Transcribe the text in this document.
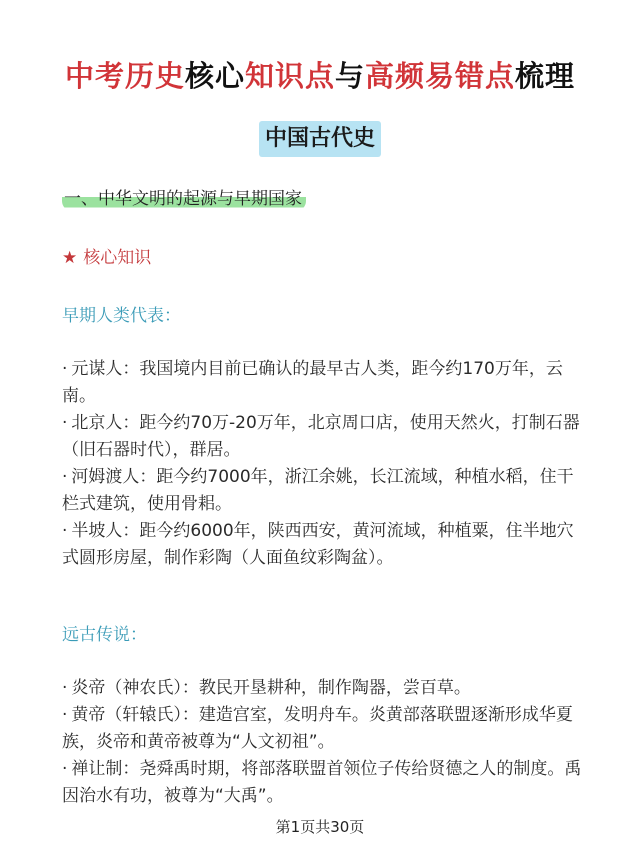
中考历史核心知识点与高频易错点梳理
中国古代史
一、中华文明的起源与早期国家
★ 核心知识
早期人类代表：
· 元谋人：我国境内目前已确认的最早古人类，距今约170万年，云南。
· 北京人：距今约70万-20万年，北京周口店，使用天然火，打制石器（旧石器时代），群居。
· 河姆渡人：距今约7000年，浙江余姚，长江流域，种植水稻，住干栏式建筑，使用骨耜。
· 半坡人：距今约6000年，陕西西安，黄河流域，种植粟，住半地穴式圆形房屋，制作彩陶（人面鱼纹彩陶盆）。
远古传说：
· 炎帝（神农氏）：教民开垦耕种，制作陶器，尝百草。
· 黄帝（轩辕氏）：建造宫室，发明舟车。炎黄部落联盟逐渐形成华夏族，炎帝和黄帝被尊为“人文初祖”。
· 禅让制：尧舜禹时期，将部落联盟首领位子传给贤德之人的制度。禹因治水有功，被尊为“大禹”。
第1页共30页
